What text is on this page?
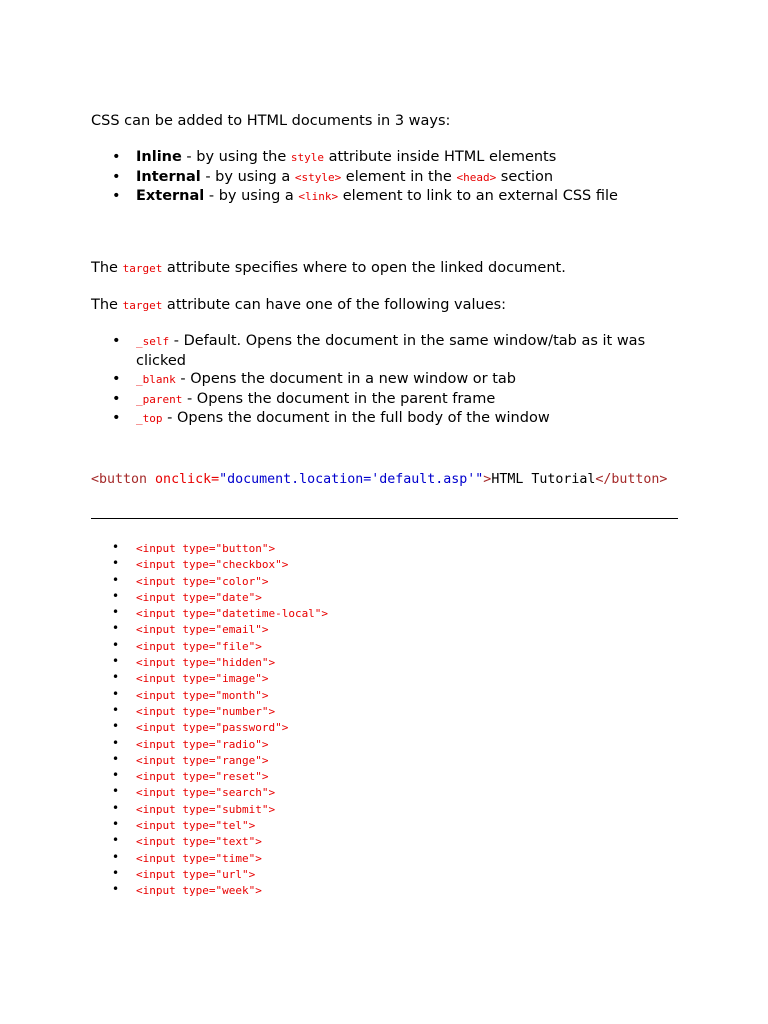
CSS can be added to HTML documents in 3 ways:

• Inline - by using the style attribute inside HTML elements
• Internal - by using a <style> element in the <head> section
• External - by using a <link> element to link to an external CSS file

The target attribute specifies where to open the linked document.

The target attribute can have one of the following values:

• _self - Default. Opens the document in the same window/tab as it was clicked
• _blank - Opens the document in a new window or tab
• _parent - Opens the document in the parent frame
• _top - Opens the document in the full body of the window

<button onclick="document.location='default.asp'">HTML Tutorial</button>

• <input type="button">
• <input type="checkbox">
• <input type="color">
• <input type="date">
• <input type="datetime-local">
• <input type="email">
• <input type="file">
• <input type="hidden">
• <input type="image">
• <input type="month">
• <input type="number">
• <input type="password">
• <input type="radio">
• <input type="range">
• <input type="reset">
• <input type="search">
• <input type="submit">
• <input type="tel">
• <input type="text">
• <input type="time">
• <input type="url">
• <input type="week">
